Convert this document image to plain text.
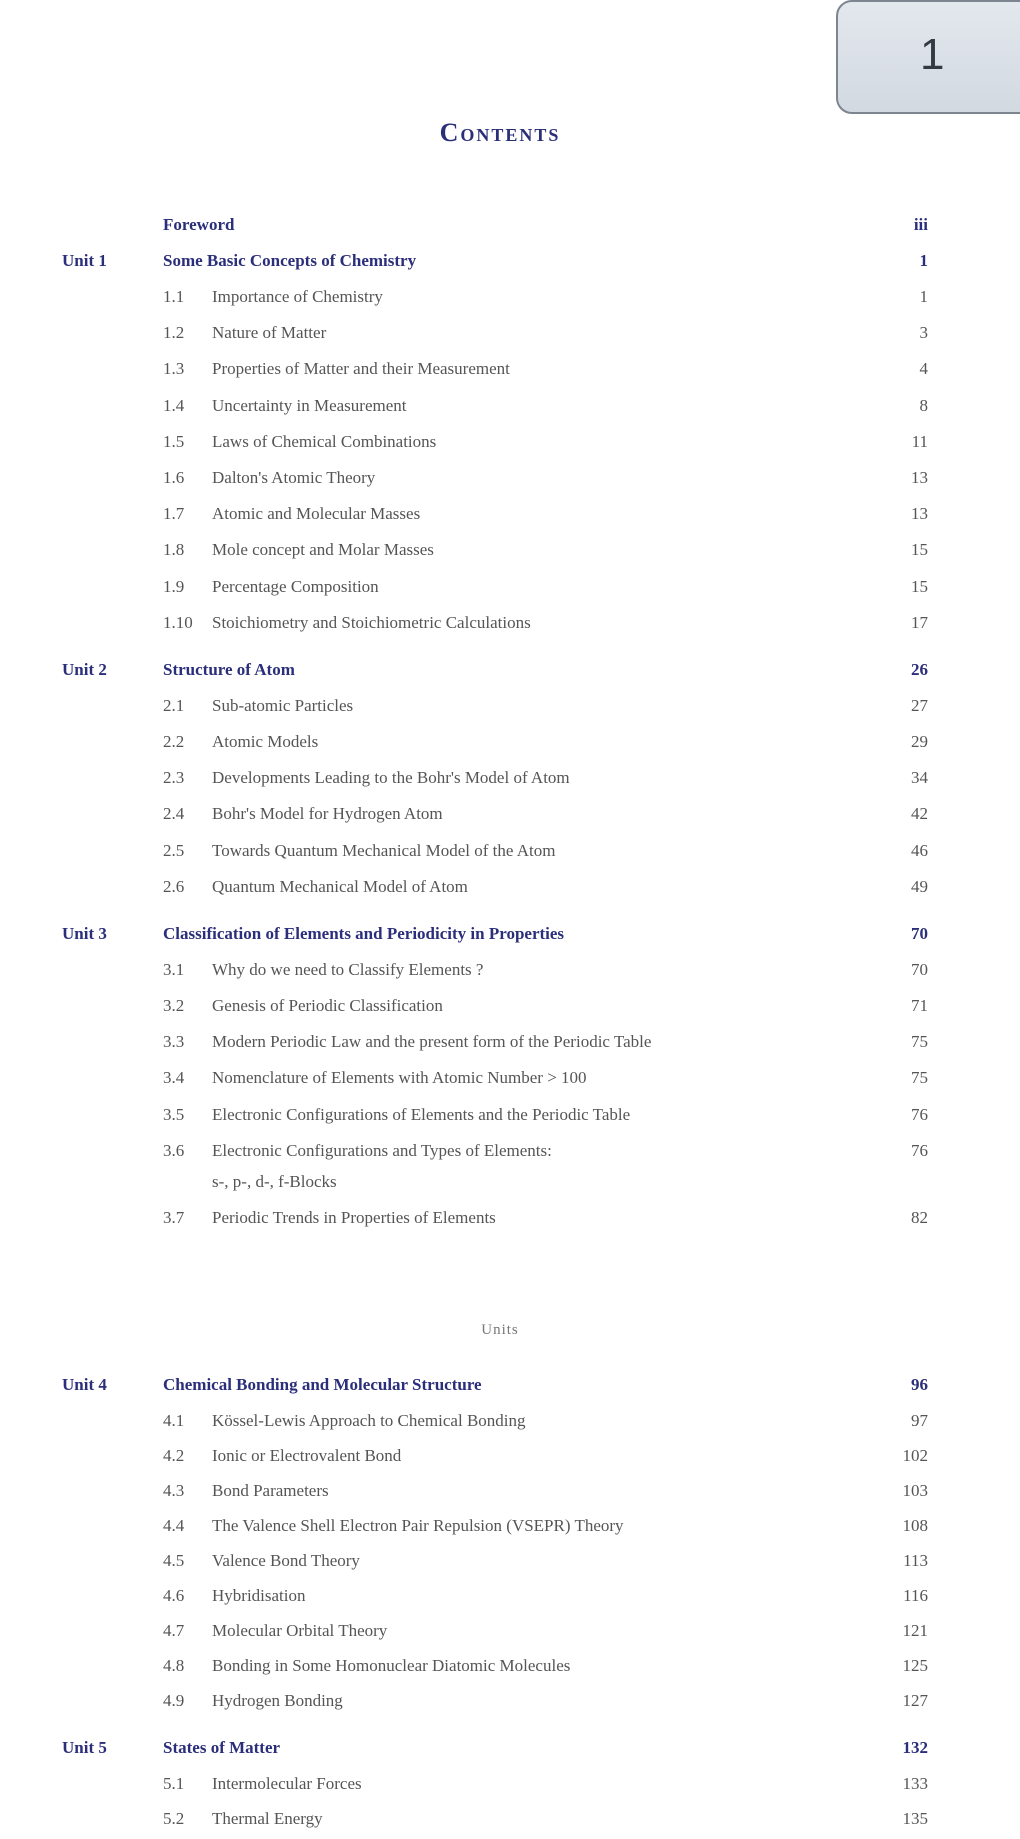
1
Contents
Foreword	iii
Unit 1	Some Basic Concepts of Chemistry	1
1.1 Importance of Chemistry	1
1.2 Nature of Matter	3
1.3 Properties of Matter and their Measurement	4
1.4 Uncertainty in Measurement	8
1.5 Laws of Chemical Combinations	11
1.6 Dalton's Atomic Theory	13
1.7 Atomic and Molecular Masses	13
1.8 Mole concept and Molar Masses	15
1.9 Percentage Composition	15
1.10 Stoichiometry and Stoichiometric Calculations	17
Unit 2	Structure of Atom	26
2.1 Sub-atomic Particles	27
2.2 Atomic Models	29
2.3 Developments Leading to the Bohr's Model of Atom	34
2.4 Bohr's Model for Hydrogen Atom	42
2.5 Towards Quantum Mechanical Model of the Atom	46
2.6 Quantum Mechanical Model of Atom	49
Unit 3	Classification of Elements and Periodicity in Properties	70
3.1 Why do we need to Classify Elements ?	70
3.2 Genesis of Periodic Classification	71
3.3 Modern Periodic Law and the present form of the Periodic Table	75
3.4 Nomenclature of Elements with Atomic Number > 100	75
3.5 Electronic Configurations of Elements and the Periodic Table	76
3.6 Electronic Configurations and Types of Elements:	76
s-, p-, d-, f-Blocks
3.7 Periodic Trends in Properties of Elements	82
Unit 4	Chemical Bonding and Molecular Structure	96
4.1 Kössel-Lewis Approach to Chemical Bonding	97
4.2 Ionic or Electrovalent Bond	102
4.3 Bond Parameters	103
4.4 The Valence Shell Electron Pair Repulsion (VSEPR) Theory	108
4.5 Valence Bond Theory	113
4.6 Hybridisation	116
4.7 Molecular Orbital Theory	121
4.8 Bonding in Some Homonuclear Diatomic Molecules	125
4.9 Hydrogen Bonding	127
Unit 5	States of Matter	132
5.1 Intermolecular Forces	133
5.2 Thermal Energy	135
Units
